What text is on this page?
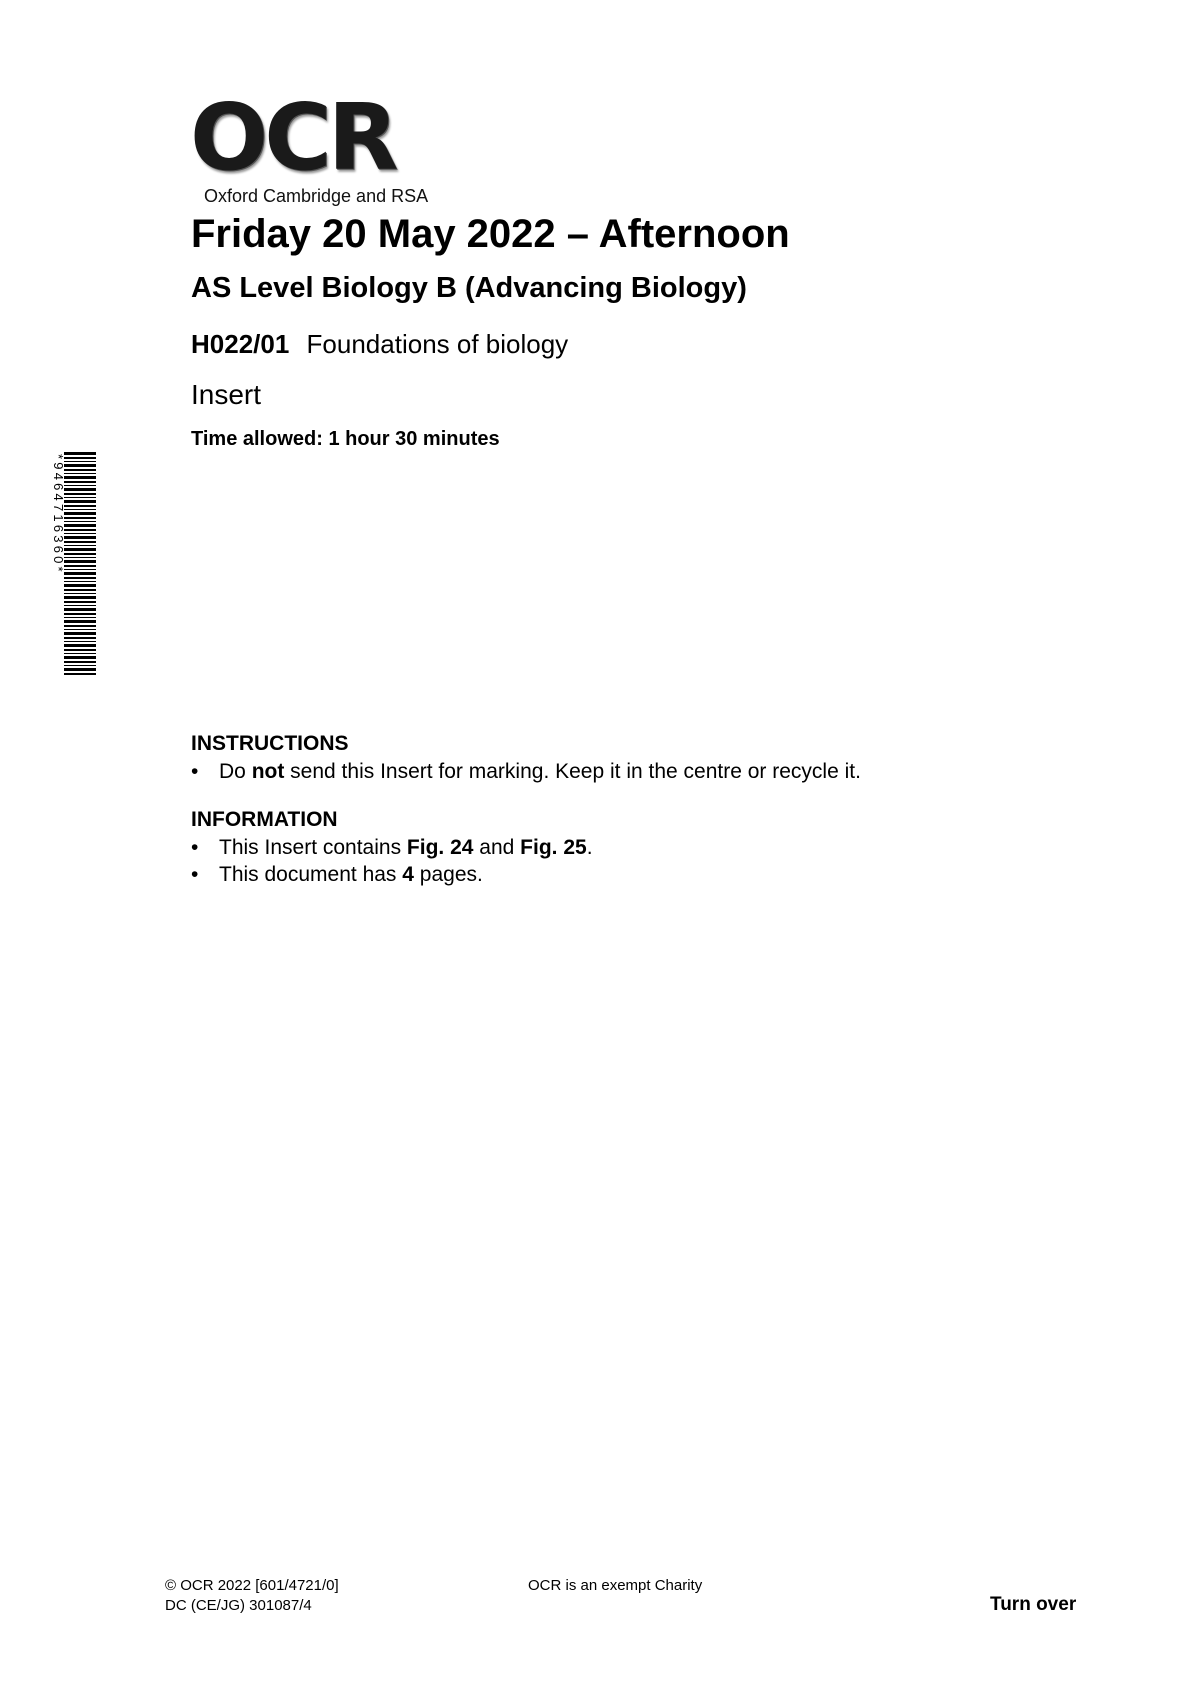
OCR
Oxford Cambridge and RSA
Friday 20 May 2022 – Afternoon
AS Level Biology B (Advancing Biology)
H022/01 Foundations of biology
Insert
Time allowed: 1 hour 30 minutes
*9464716360*
INSTRUCTIONS
• Do not send this Insert for marking. Keep it in the centre or recycle it.
INFORMATION
• This Insert contains Fig. 24 and Fig. 25.
• This document has 4 pages.
© OCR 2022 [601/4721/0]
DC (CE/JG) 301087/4
OCR is an exempt Charity
Turn over
